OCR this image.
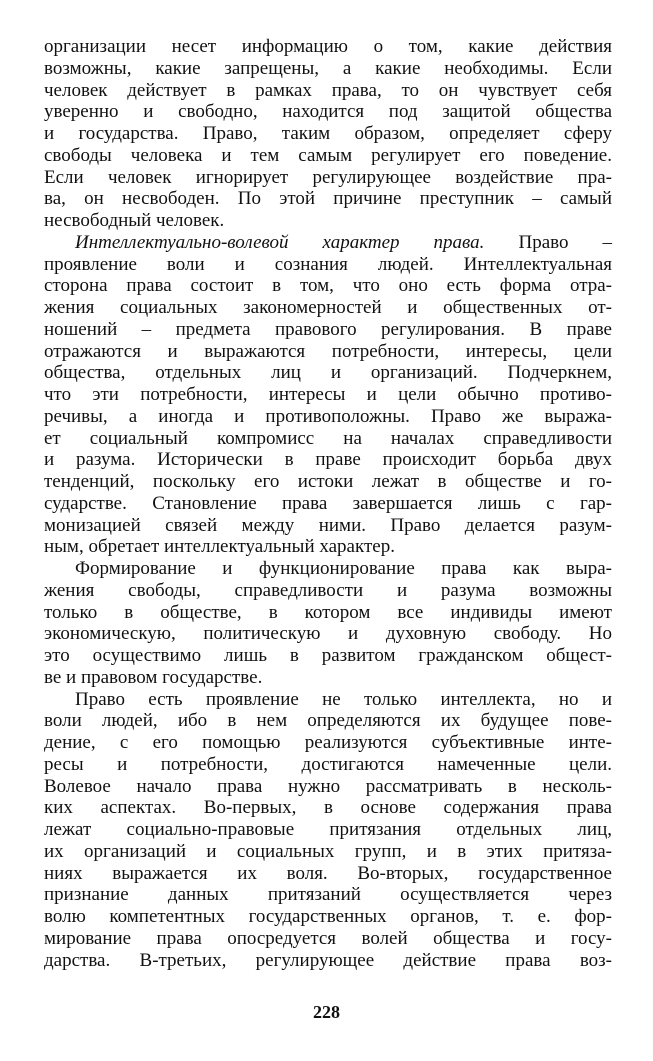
организации несет информацию о том, какие действия
возможны, какие запрещены, а какие необходимы. Если
человек действует в рамках права, то он чувствует себя
уверенно и свободно, находится под защитой общества
и государства. Право, таким образом, определяет сферу
свободы человека и тем самым регулирует его поведение.
Если человек игнорирует регулирующее воздействие пра-
ва, он несвободен. По этой причине преступник – самый
несвободный человек.
Интеллектуально-волевой характер права. Право –
проявление воли и сознания людей. Интеллектуальная
сторона права состоит в том, что оно есть форма отра-
жения социальных закономерностей и общественных от-
ношений – предмета правового регулирования. В праве
отражаются и выражаются потребности, интересы, цели
общества, отдельных лиц и организаций. Подчеркнем,
что эти потребности, интересы и цели обычно противо-
речивы, а иногда и противоположны. Право же выража-
ет социальный компромисс на началах справедливости
и разума. Исторически в праве происходит борьба двух
тенденций, поскольку его истоки лежат в обществе и го-
сударстве. Становление права завершается лишь с гар-
монизацией связей между ними. Право делается разум-
ным, обретает интеллектуальный характер.
Формирование и функционирование права как выра-
жения свободы, справедливости и разума возможны
только в обществе, в котором все индивиды имеют
экономическую, политическую и духовную свободу. Но
это осуществимо лишь в развитом гражданском общест-
ве и правовом государстве.
Право есть проявление не только интеллекта, но и
воли людей, ибо в нем определяются их будущее пове-
дение, с его помощью реализуются субъективные инте-
ресы и потребности, достигаются намеченные цели.
Волевое начало права нужно рассматривать в несколь-
ких аспектах. Во-первых, в основе содержания права
лежат социально-правовые притязания отдельных лиц,
их организаций и социальных групп, и в этих притяза-
ниях выражается их воля. Во-вторых, государственное
признание данных притязаний осуществляется через
волю компетентных государственных органов, т. е. фор-
мирование права опосредуется волей общества и госу-
дарства. В-третьих, регулирующее действие права воз-
228
